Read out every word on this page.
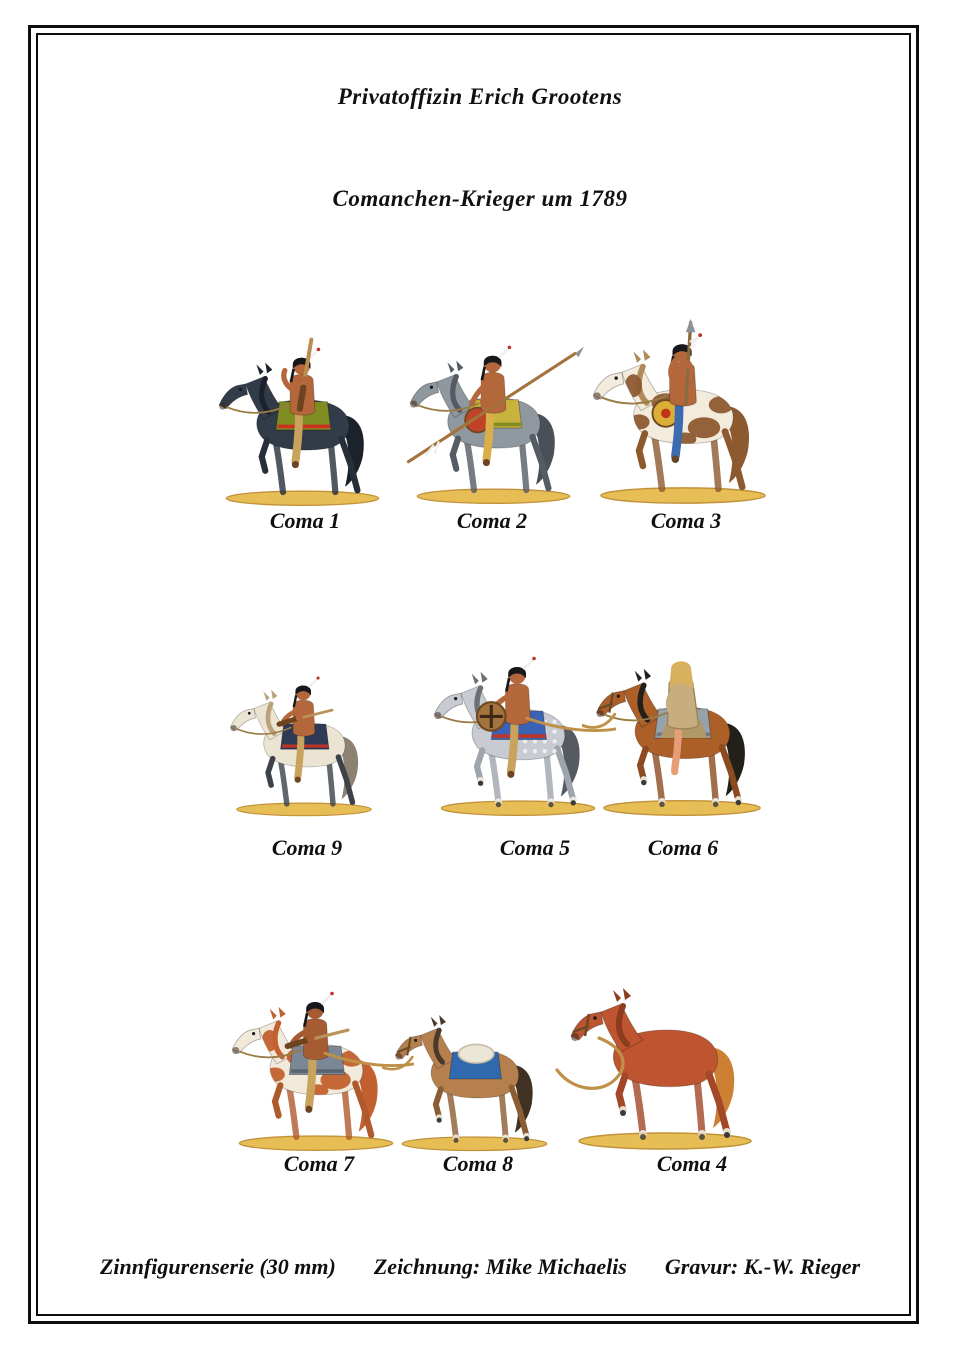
Privatoffizin Erich Grootens
Comanchen-Krieger um 1789
Coma 1	Coma 2	Coma 3
Coma 9	Coma 5	Coma 6
Coma 7	Coma 8	Coma 4
Zinnfigurenserie (30 mm) Zeichnung: Mike Michaelis Gravur: K.-W. Rieger
